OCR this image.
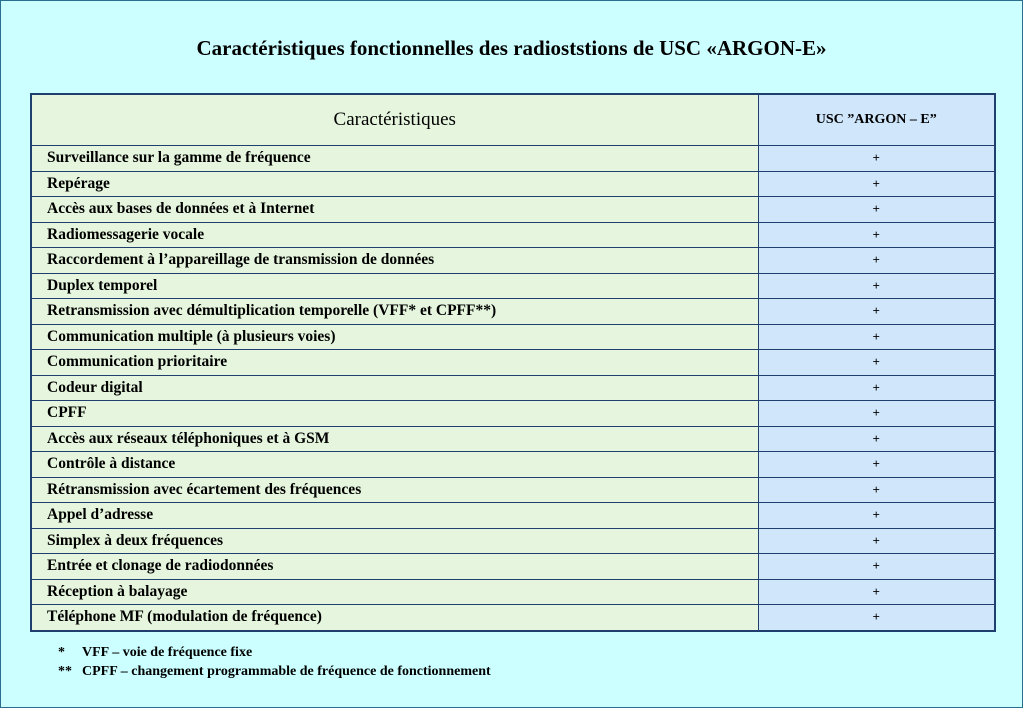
Caractéristiques fonctionnelles des radioststions de USC «ARGON-E»
Caractéristiques	USC ”ARGON – E”
Surveillance sur la gamme de fréquence	+
Repérage	+
Accès aux bases de données et à Internet	+
Radiomessagerie vocale	+
Raccordement à l’appareillage de transmission de données	+
Duplex temporel	+
Retransmission avec démultiplication temporelle (VFF* et CPFF**)	+
Communication multiple (à plusieurs voies)	+
Communication prioritaire	+
Codeur digital	+
CPFF	+
Accès aux réseaux téléphoniques et à GSM	+
Contrôle à distance	+
Rétransmission avec écartement des fréquences	+
Appel d’adresse	+
Simplex à deux fréquences	+
Entrée et clonage de radiodonnées	+
Réception à balayage	+
Téléphone MF (modulation de fréquence)	+
* VFF – voie de fréquence fixe
** CPFF – changement programmable de fréquence de fonctionnement
